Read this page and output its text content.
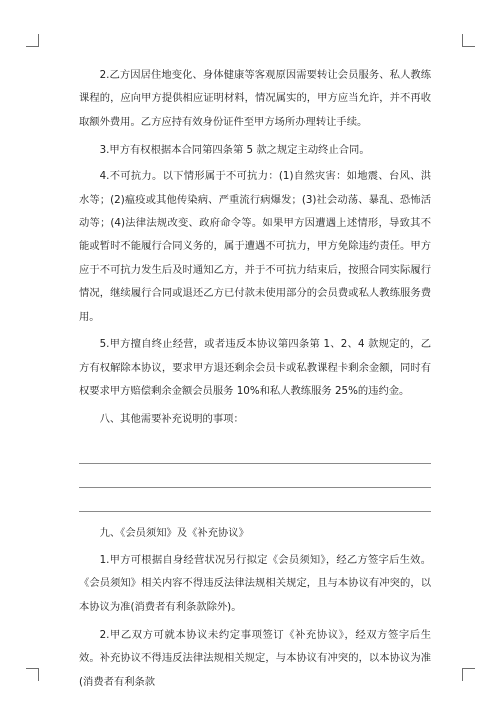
2.乙方因居住地变化、身体健康等客观原因需要转让会员服务、私人教练课程的，应向甲方提供相应证明材料，情况属实的，甲方应当允许，并不再收取额外费用。乙方应持有效身份证件至甲方场所办理转让手续。

3.甲方有权根据本合同第四条第 5 款之规定主动终止合同。

4.不可抗力。以下情形属于不可抗力：(1)自然灾害：如地震、台风、洪水等；(2)瘟疫或其他传染病、严重流行病爆发；(3)社会动荡、暴乱、恐怖活动等；(4)法律法规改变、政府命令等。如果甲方因遭遇上述情形，导致其不能或暂时不能履行合同义务的，属于遭遇不可抗力，甲方免除违约责任。甲方应于不可抗力发生后及时通知乙方，并于不可抗力结束后，按照合同实际履行情况，继续履行合同或退还乙方已付款未使用部分的会员费或私人教练服务费用。

5.甲方擅自终止经营，或者违反本协议第四条第 1、2、4 款规定的，乙方有权解除本协议，要求甲方退还剩余会员卡或私教课程卡剩余金额，同时有权要求甲方赔偿剩余金额会员服务 10%和私人教练服务 25%的违约金。

八、其他需要补充说明的事项：

九、《会员须知》及《补充协议》

1.甲方可根据自身经营状况另行拟定《会员须知》，经乙方签字后生效。《会员须知》相关内容不得违反法律法规相关规定，且与本协议有冲突的，以本协议为准(消费者有利条款除外)。

2.甲乙双方可就本协议未约定事项签订《补充协议》，经双方签字后生效。补充协议不得违反法律法规相关规定，与本协议有冲突的，以本协议为准(消费者有利条款
